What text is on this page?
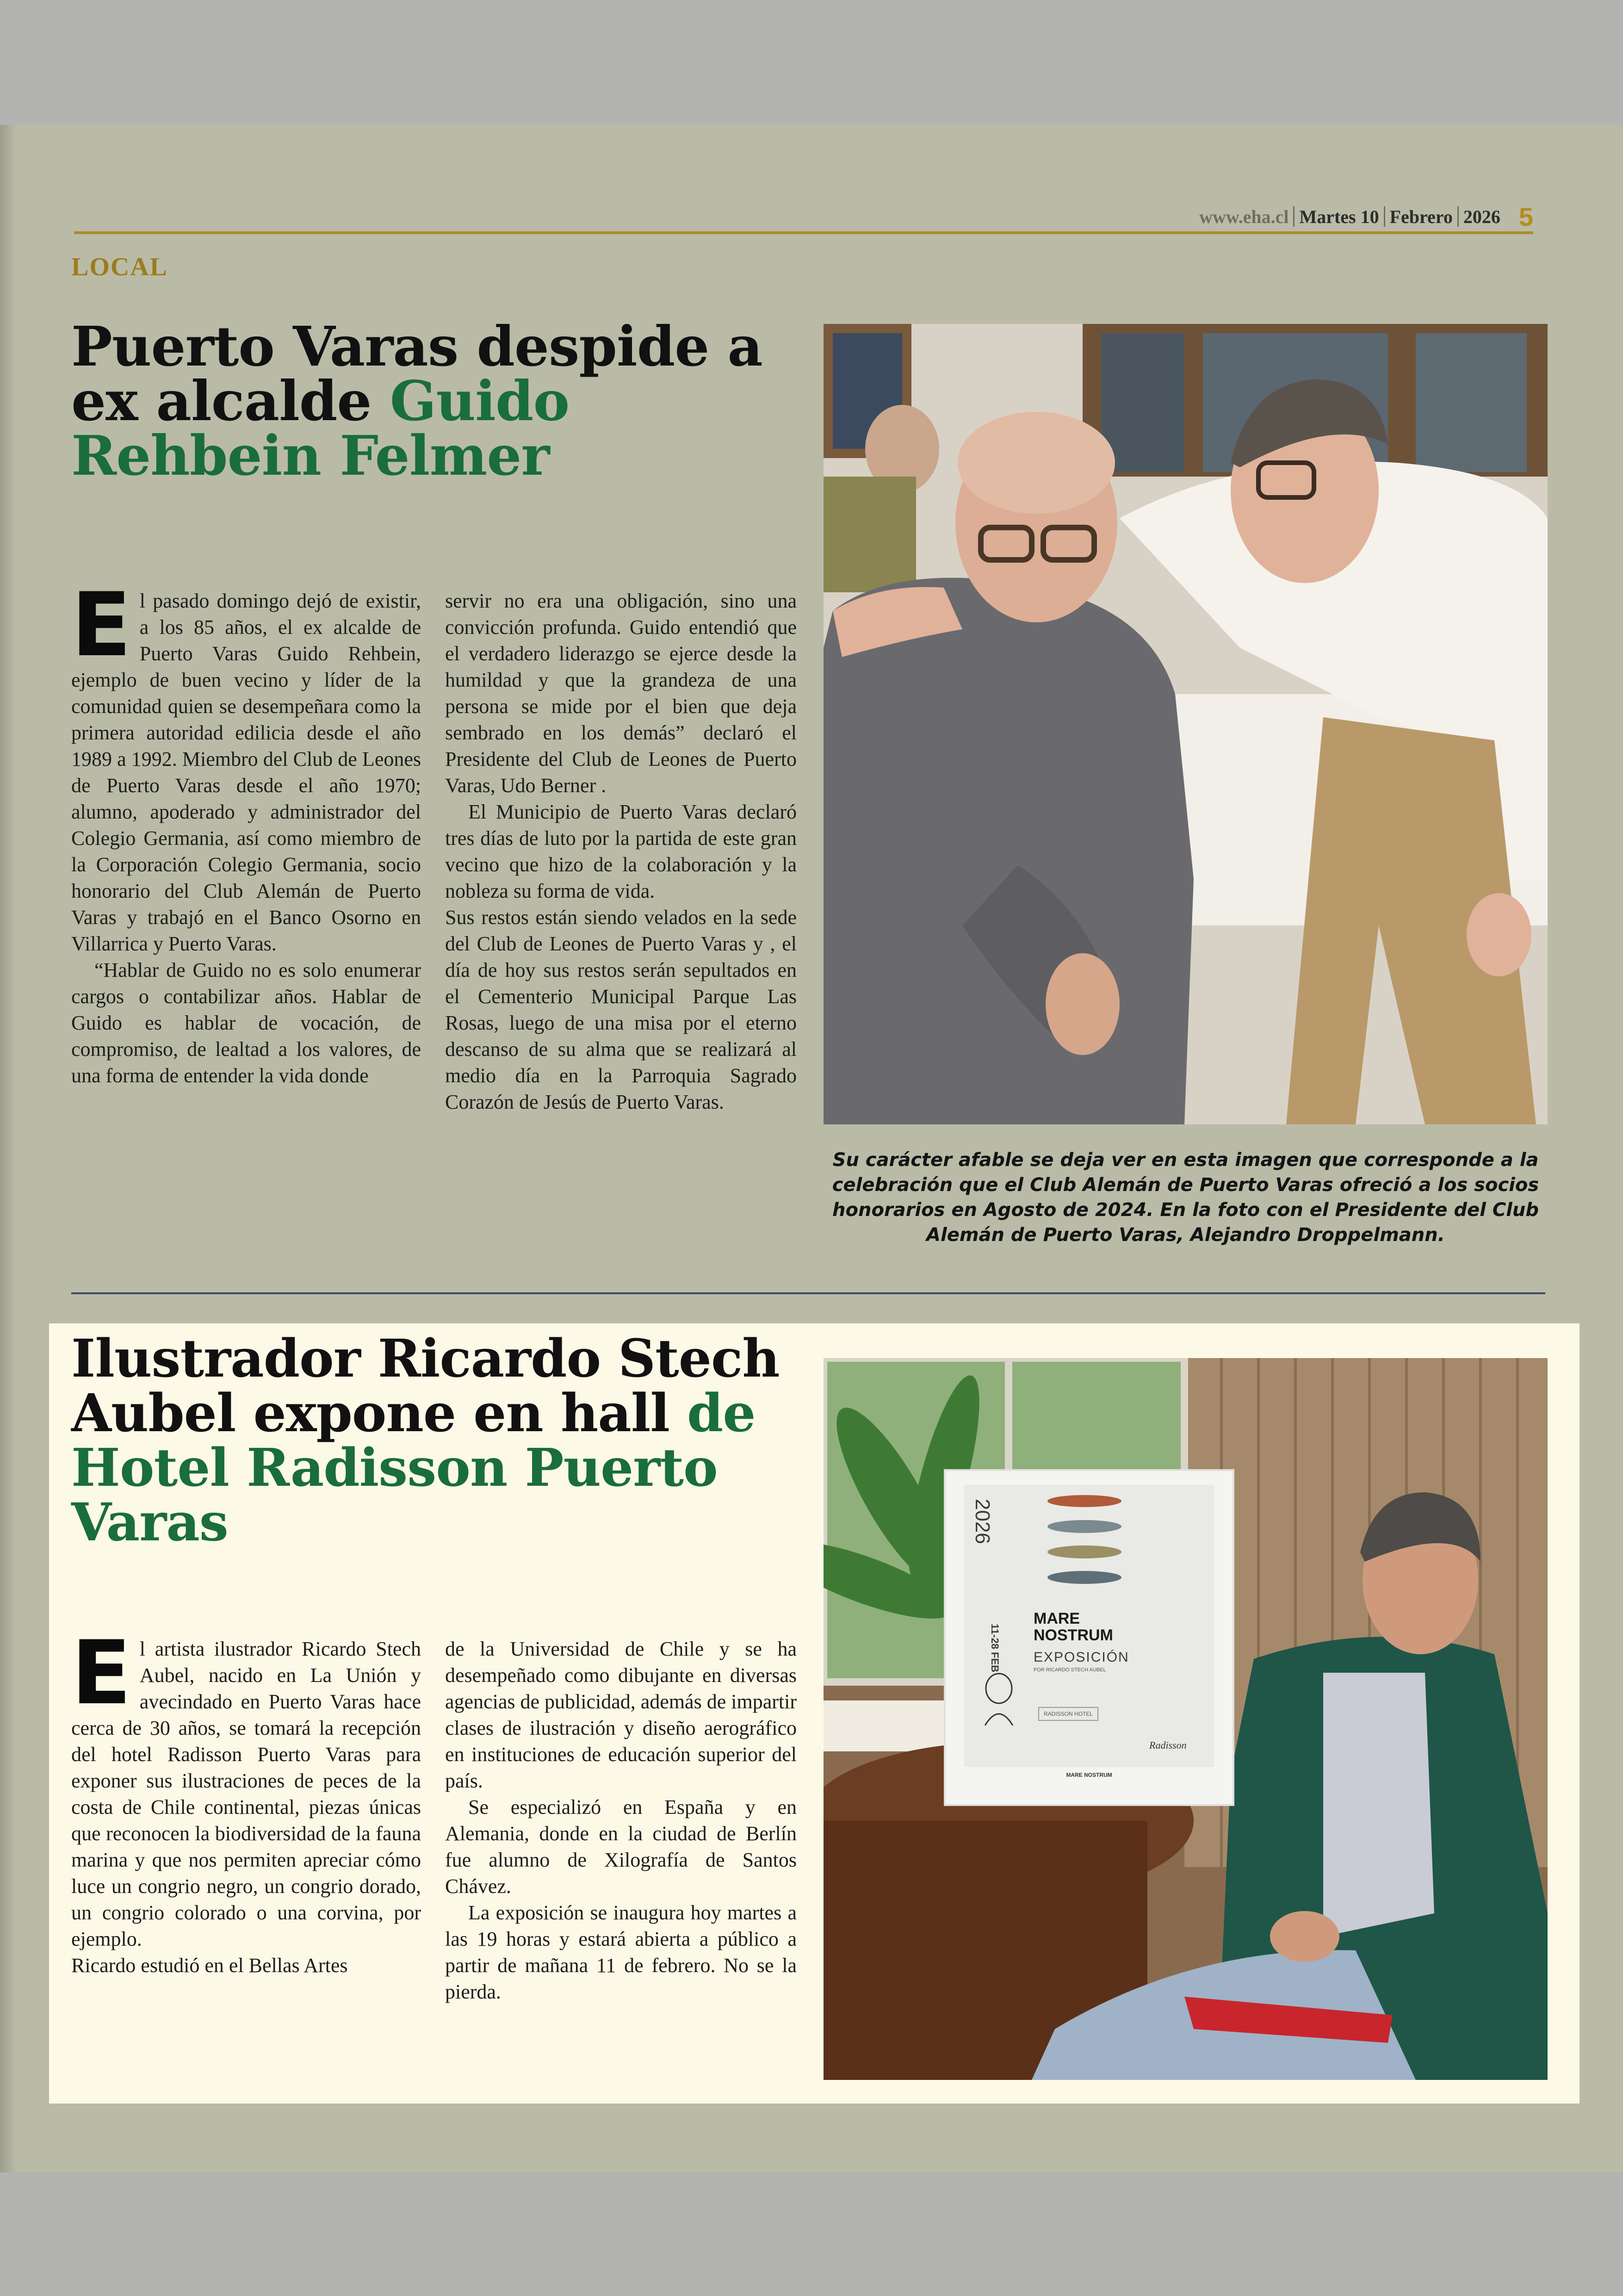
www.eha.cl Martes 10 Febrero 2026 5
LOCAL
Puerto Varas despide a ex alcalde Guido Rehbein Felmer

El pasado domingo dejó de existir, a los 85 años, el ex alcalde de Puerto Varas Guido Rehbein, ejemplo de buen vecino y líder de la comunidad quien se desempeñara como la primera autoridad edilicia desde el año 1989 a 1992. Miembro del Club de Leones de Puerto Varas desde el año 1970; alumno, apoderado y administrador del Colegio Germania, así como miembro de la Corporación Colegio Germania, socio honorario del Club Alemán de Puerto Varas y trabajó en el Banco Osorno en Villarrica y Puerto Varas.

“Hablar de Guido no es solo enumerar cargos o contabilizar años. Hablar de Guido es hablar de vocación, de compromiso, de lealtad a los valores, de una forma de entender la vida donde

servir no era una obligación, sino una convicción profunda. Guido entendió que el verdadero liderazgo se ejerce desde la humildad y que la grandeza de una persona se mide por el bien que deja sembrado en los demás” declaró el Presidente del Club de Leones de Puerto Varas, Udo Berner .

El Municipio de Puerto Varas declaró tres días de luto por la partida de este gran vecino que hizo de la colaboración y la nobleza su forma de vida.

Sus restos están siendo velados en la sede del Club de Leones de Puerto Varas y , el día de hoy sus restos serán sepultados en el Cementerio Municipal Parque Las Rosas, luego de una misa por el eterno descanso de su alma que se realizará al medio día en la Parroquia Sagrado Corazón de Jesús de Puerto Varas.

Su carácter afable se deja ver en esta imagen que corresponde a la celebración que el Club Alemán de Puerto Varas ofreció a los socios honorarios en Agosto de 2024. En la foto con el Presidente del Club Alemán de Puerto Varas, Alejandro Droppelmann.
Ilustrador Ricardo Stech Aubel expone en hall de Hotel Radisson Puerto Varas

El artista ilustrador Ricardo Stech Aubel, nacido en La Unión y avecindado en Puerto Varas hace cerca de 30 años, se tomará la recepción del hotel Radisson Puerto Varas para exponer sus ilustraciones de peces de la costa de Chile continental, piezas únicas que reconocen la biodiversidad de la fauna marina y que nos permiten apreciar cómo luce un congrio negro, un congrio dorado, un congrio colorado o una corvina, por ejemplo.

Ricardo estudió en el Bellas Artes

de la Universidad de Chile y se ha desempeñado como dibujante en diversas agencias de publicidad, además de impartir clases de ilustración y diseño aerográfico en instituciones de educación superior del país.

Se especializó en España y en Alemania, donde en la ciudad de Berlín fue alumno de Xilografía de Santos Chávez.

La exposición se inaugura hoy martes a las 19 horas y estará abierta a público a partir de mañana 11 de febrero. No se la pierda.

2026
11-28 FEB
MARE
NOSTRUM
EXPOSICIÓN
POR RICARDO STECH AUBEL
RADISSON HOTEL
Radisson
MARE NOSTRUM
